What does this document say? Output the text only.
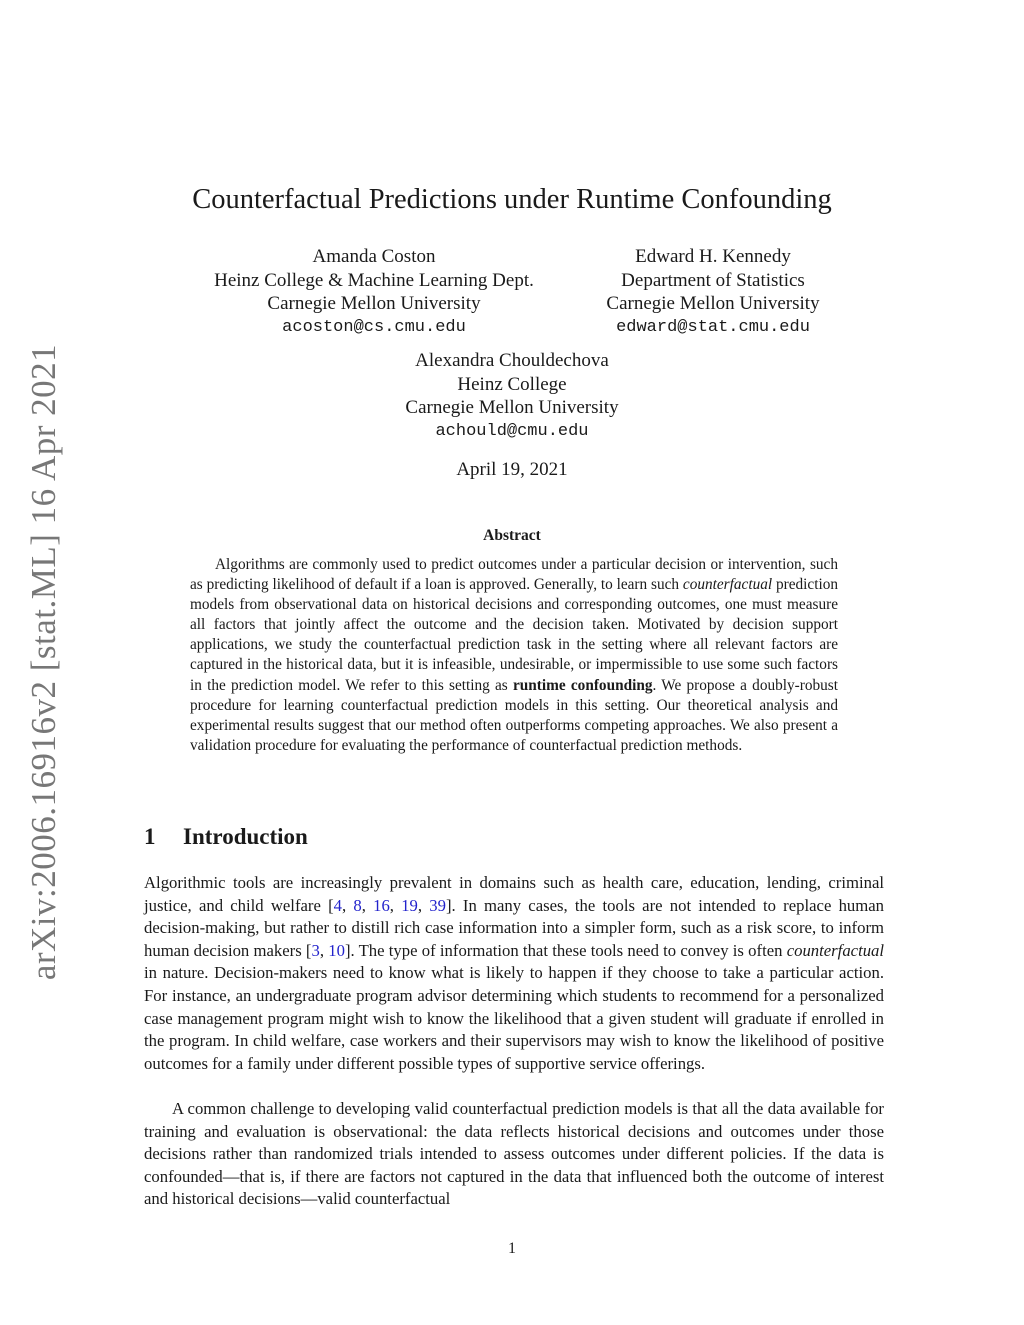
arXiv:2006.16916v2 [stat.ML] 16 Apr 2021
Counterfactual Predictions under Runtime Confounding
Amanda Coston
Heinz College & Machine Learning Dept.
Carnegie Mellon University
acoston@cs.cmu.edu
Edward H. Kennedy
Department of Statistics
Carnegie Mellon University
edward@stat.cmu.edu
Alexandra Chouldechova
Heinz College
Carnegie Mellon University
achould@cmu.edu
April 19, 2021
Abstract

Algorithms are commonly used to predict outcomes under a particular decision or intervention, such as predicting likelihood of default if a loan is approved. Generally, to learn such counterfactual prediction models from observational data on historical decisions and corresponding outcomes, one must measure all factors that jointly affect the outcome and the decision taken. Motivated by decision support applications, we study the counterfactual prediction task in the setting where all relevant factors are captured in the historical data, but it is infeasible, undesirable, or impermissible to use some such factors in the prediction model. We refer to this setting as runtime confounding. We propose a doubly-robust procedure for learning counterfactual prediction models in this setting. Our theoretical analysis and experimental results suggest that our method often outperforms competing approaches. We also present a validation procedure for evaluating the performance of counterfactual prediction methods.

1 Introduction

Algorithmic tools are increasingly prevalent in domains such as health care, education, lending, criminal justice, and child welfare [4, 8, 16, 19, 39]. In many cases, the tools are not intended to replace human decision-making, but rather to distill rich case information into a simpler form, such as a risk score, to inform human decision makers [3, 10]. The type of information that these tools need to convey is often counterfactual in nature. Decision-makers need to know what is likely to happen if they choose to take a particular action. For instance, an undergraduate program advisor determining which students to recommend for a personalized case management program might wish to know the likelihood that a given student will graduate if enrolled in the program. In child welfare, case workers and their supervisors may wish to know the likelihood of positive outcomes for a family under different possible types of supportive service offerings.

A common challenge to developing valid counterfactual prediction models is that all the data available for training and evaluation is observational: the data reflects historical decisions and outcomes under those decisions rather than randomized trials intended to assess outcomes under different policies. If the data is confounded—that is, if there are factors not captured in the data that influenced both the outcome of interest and historical decisions—valid counterfactual

1
